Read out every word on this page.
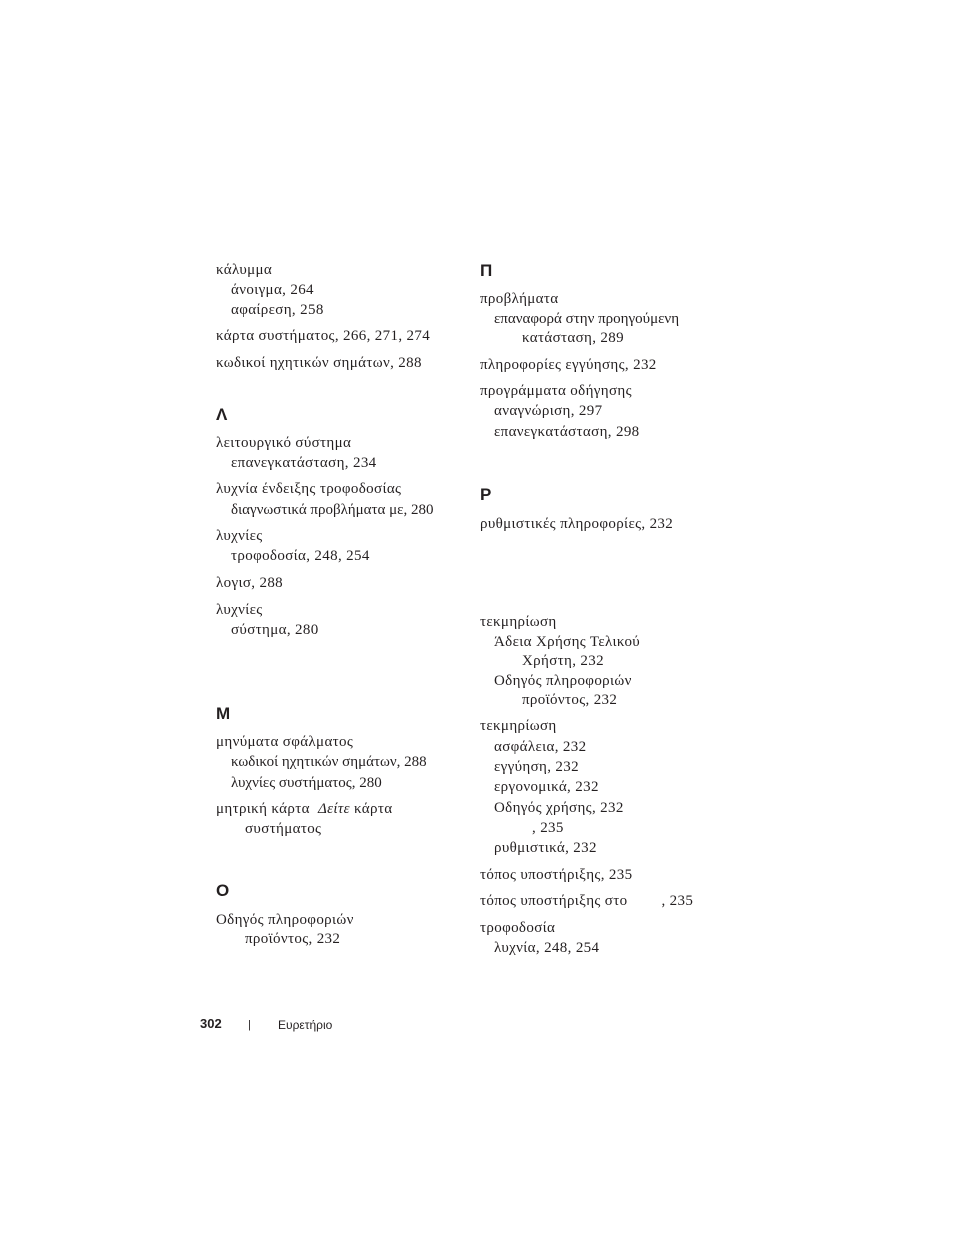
κάλυμμα
άνοιγμα, 264
αφαίρεση, 258
κάρτα συστήματος, 266, 271, 274
κωδικοί ηχητικών σημάτων, 288
Λ
λειτουργικό σύστημα
επανεγκατάσταση, 234
λυχνία ένδειξης τροφοδοσίας
διαγνωστικά προβλήματα με, 280
λυχνίες
τροφοδοσία, 248, 254
λογισ, 288
λυχνίες
σύστημα, 280
Μ
μηνύματα σφάλματος
κωδικοί ηχητικών σημάτων, 288
λυχνίες συστήματος, 280
μητρική κάρτα Δείτε κάρτα
συστήματος
Ο
Οδηγός πληροφοριών
προϊόντος, 232
Π
προβλήματα
επαναφορά στην προηγούμενη
κατάσταση, 289
πληροφορίες εγγύησης, 232
προγράμματα οδήγησης
αναγνώριση, 297
επανεγκατάσταση, 298
Ρ
ρυθμιστικές πληροφορίες, 232
τεκμηρίωση
Άδεια Χρήσης Τελικού
Χρήστη, 232
Οδηγός πληροφοριών
προϊόντος, 232
τεκμηρίωση
ασφάλεια, 232
εγγύηση, 232
εργονομικά, 232
Οδηγός χρήσης, 232
, 235
ρυθμιστικά, 232
τόπος υποστήριξης, 235
τόπος υποστήριξης στο , 235
τροφοδοσία
λυχνία, 248, 254
302 | Ευρετήριο
